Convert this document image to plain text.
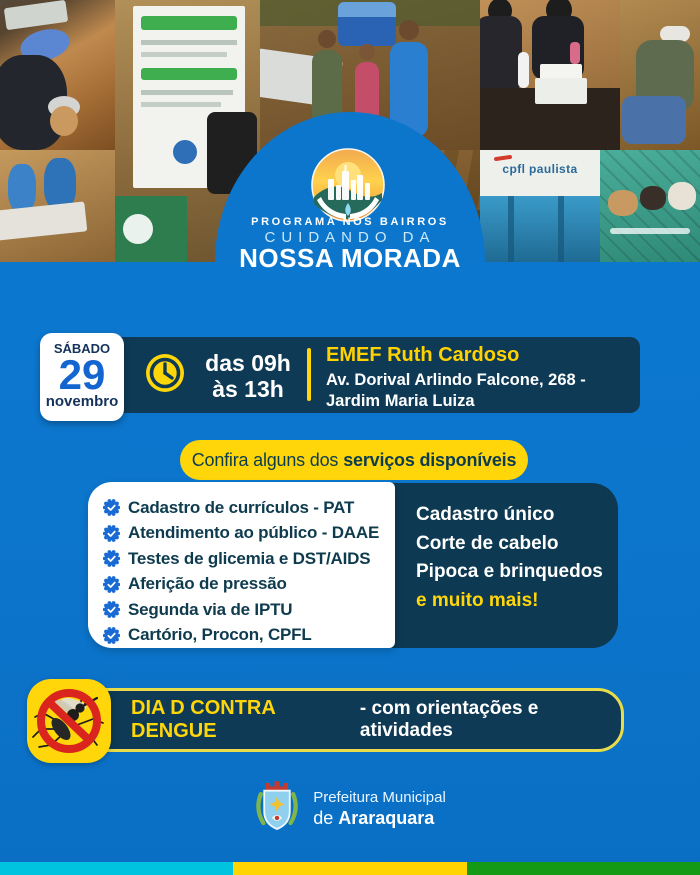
cpfl paulista
PROGRAMA NOS BAIRROS
CUIDANDO DA
NOSSA MORADA
SÁBADO
29
novembro
das 09h
às 13h
EMEF Ruth Cardoso
Av. Dorival Arlindo Falcone, 268 -
Jardim Maria Luiza
Confira alguns dos serviços disponíveis
Cadastro único
Corte de cabelo
Pipoca e brinquedos
e muito mais!
Cadastro de currículos - PAT
Atendimento ao público - DAAE
Testes de glicemia e DST/AIDS
Aferição de pressão
Segunda via de IPTU
Cartório, Procon, CPFL
DIA D CONTRA DENGUE
- com orientações e atividades
Prefeitura Municipal
de Araraquara
